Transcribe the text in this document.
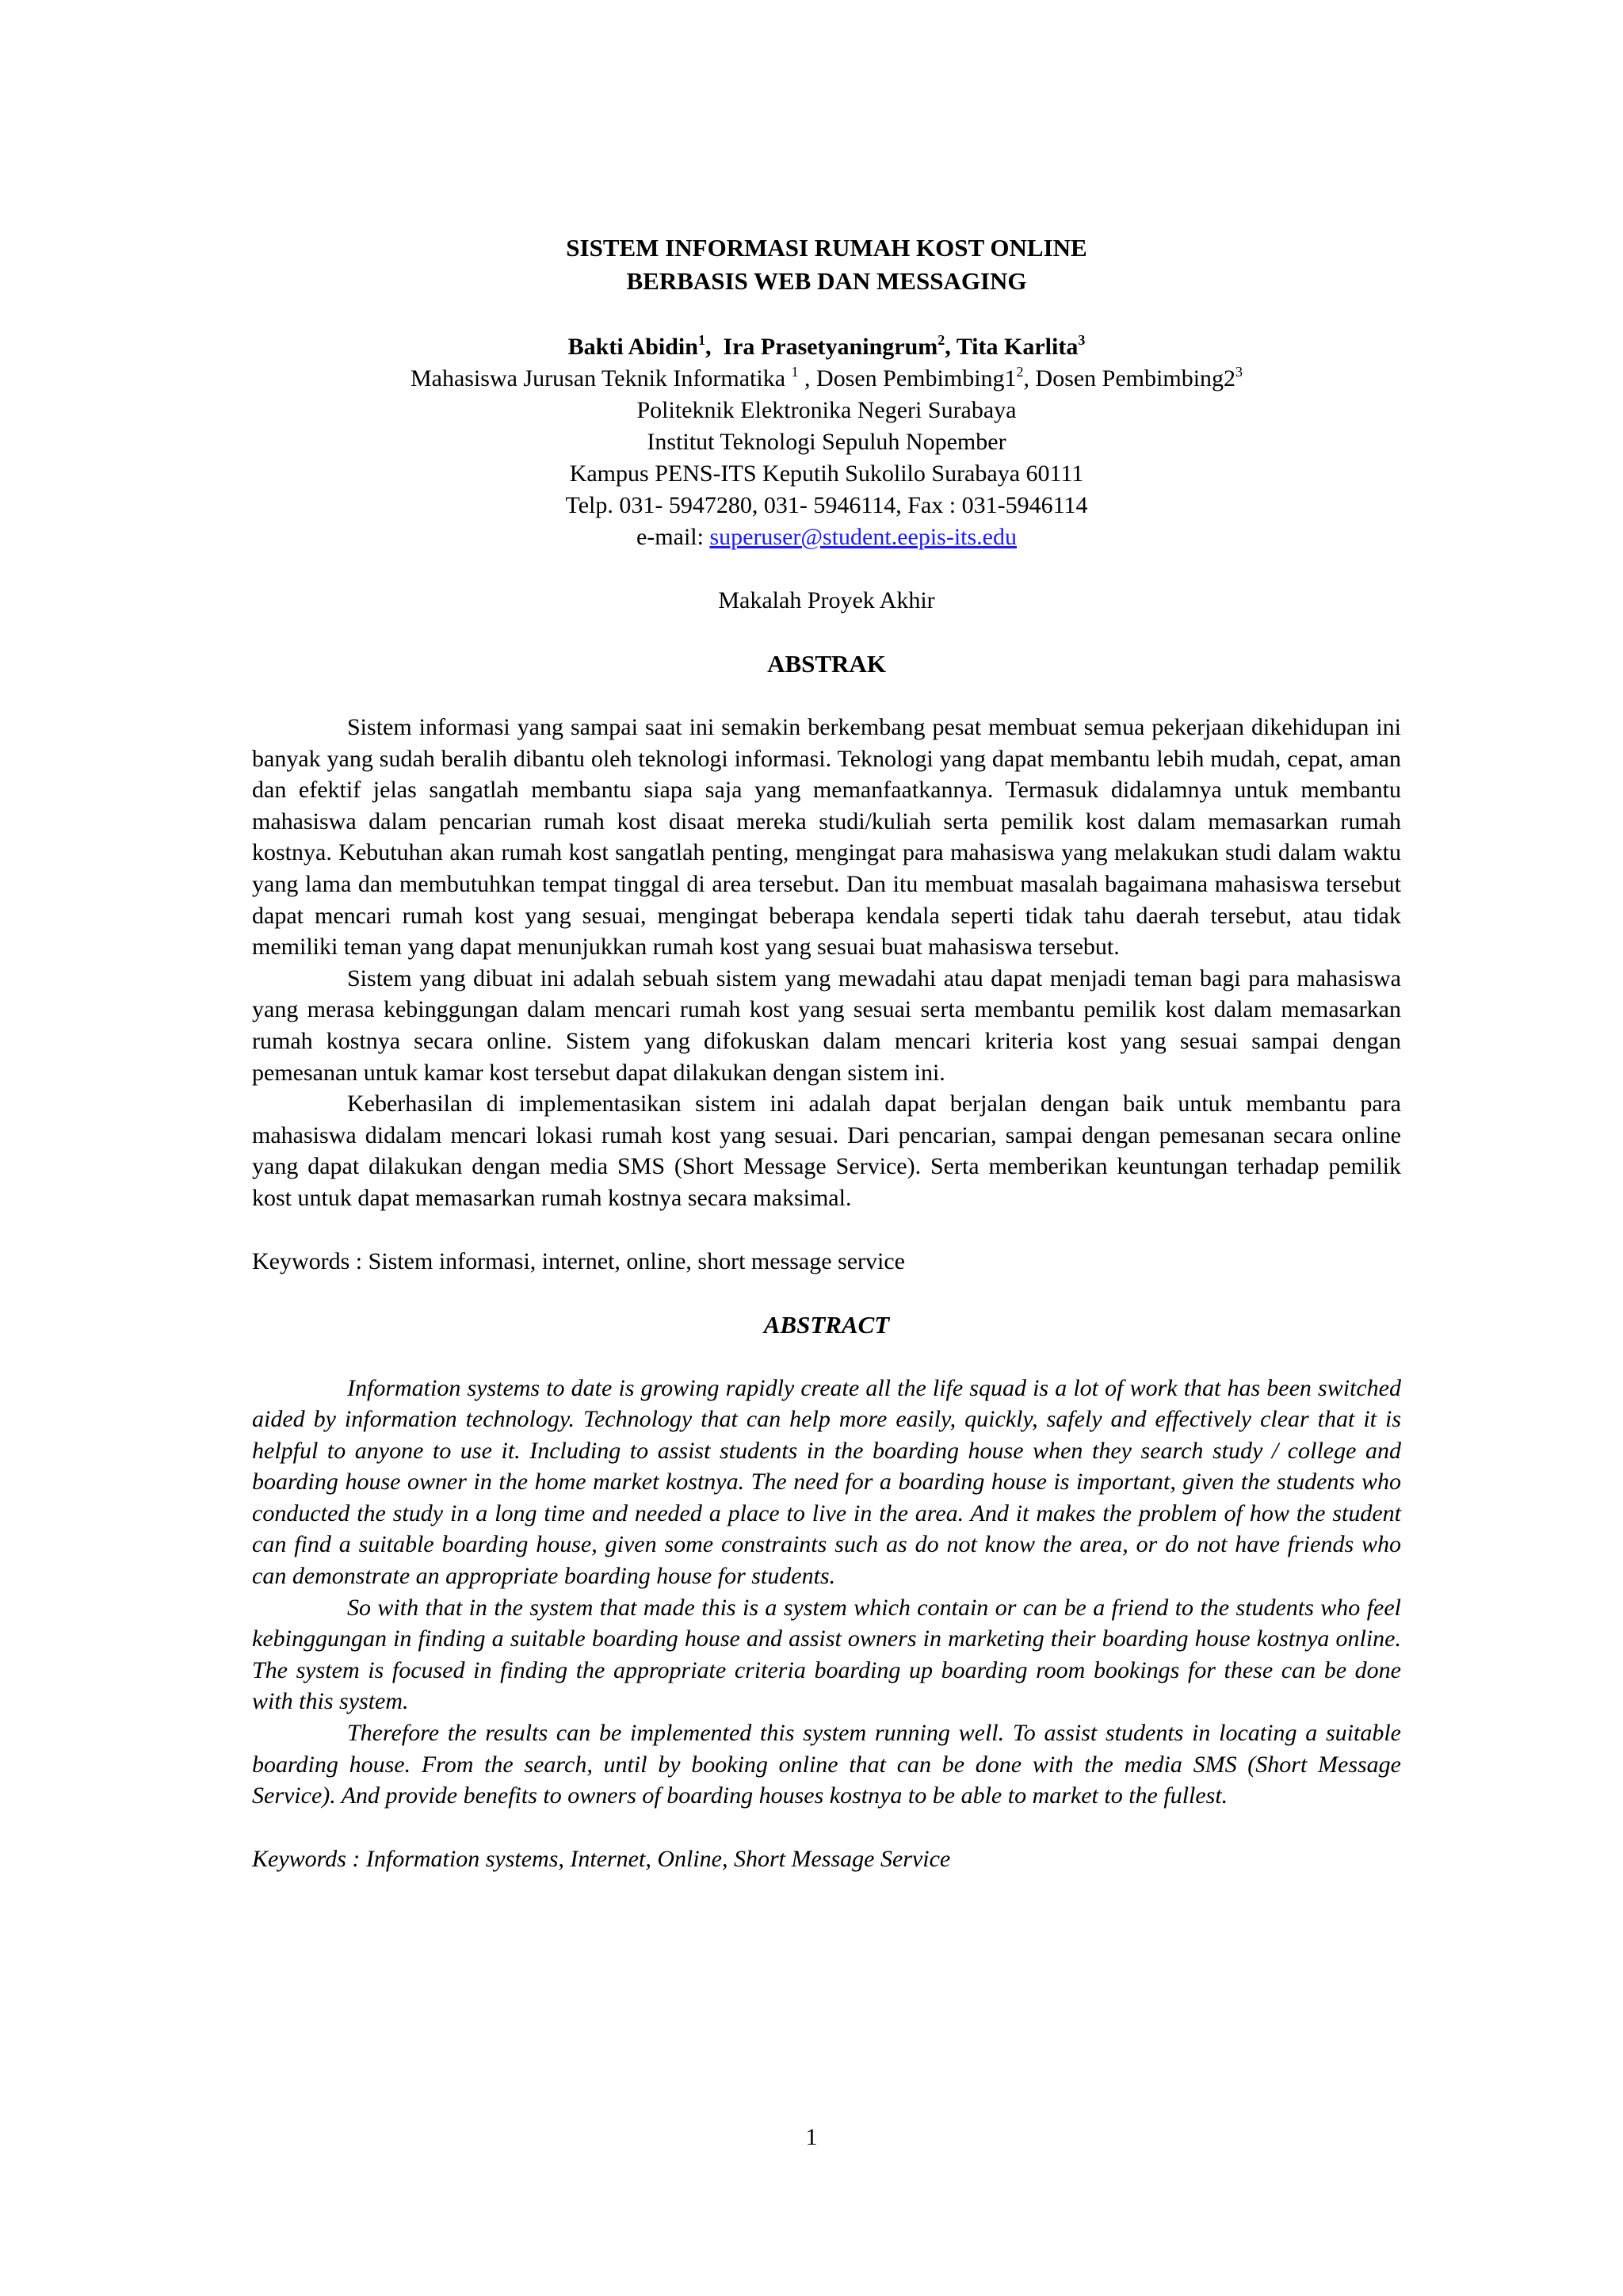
SISTEM INFORMASI RUMAH KOST ONLINE
BERBASIS WEB DAN MESSAGING
Bakti Abidin$^1$,  Ira Prasetyaningrum$^2$, Tita Karlita$^3$
Mahasiswa Jurusan Teknik Informatika $^1$ , Dosen $Pembimbing1^2$, Dosen $Pembimbing2^3$
Politeknik Elektronika Negeri Surabaya
Institut Teknologi Sepuluh Nopember
Kampus PENS-ITS Keputih Sukolilo Surabaya 60111
Telp. 031- 5947280, 031- 5946114, Fax : 031-5946114
e-mail: superuser@student.eepis-its.edu
Makalah Proyek Akhir
ABSTRAK

Sistem informasi yang sampai saat ini semakin berkembang pesat membuat semua pekerjaan dikehidupan ini banyak yang sudah beralih dibantu oleh teknologi informasi. Teknologi yang dapat membantu lebih mudah, cepat, aman dan efektif jelas sangatlah membantu siapa saja yang memanfaatkannya. Termasuk didalamnya untuk membantu mahasiswa dalam pencarian rumah kost disaat mereka studi/kuliah serta pemilik kost dalam memasarkan rumah kostnya. Kebutuhan akan rumah kost sangatlah penting, mengingat para mahasiswa yang melakukan studi dalam waktu yang lama dan membutuhkan tempat tinggal di area tersebut. Dan itu membuat masalah bagaimana mahasiswa tersebut dapat mencari rumah kost yang sesuai, mengingat beberapa kendala seperti tidak tahu daerah tersebut, atau tidak memiliki teman yang dapat menunjukkan rumah kost yang sesuai buat mahasiswa tersebut.

Sistem yang dibuat ini adalah sebuah sistem yang mewadahi atau dapat menjadi teman bagi para mahasiswa yang merasa kebinggungan dalam mencari rumah kost yang sesuai serta membantu pemilik kost dalam memasarkan rumah kostnya secara online. Sistem yang difokuskan dalam mencari kriteria kost yang sesuai sampai dengan pemesanan untuk kamar kost tersebut dapat dilakukan dengan sistem ini.

Keberhasilan di implementasikan sistem ini adalah dapat berjalan dengan baik untuk membantu para mahasiswa didalam mencari lokasi rumah kost yang sesuai. Dari pencarian, sampai dengan pemesanan secara online yang dapat dilakukan dengan media SMS (Short Message Service). Serta memberikan keuntungan terhadap pemilik kost untuk dapat memasarkan rumah kostnya secara maksimal.

Keywords : Sistem informasi, internet, online, short message service
ABSTRACT

Information systems to date is growing rapidly create all the life squad is a lot of work that has been switched aided by information technology. Technology that can help more easily, quickly, safely and effectively clear that it is helpful to anyone to use it. Including to assist students in the boarding house when they search study / college and boarding house owner in the home market kostnya. The need for a boarding house is important, given the students who conducted the study in a long time and needed a place to live in the area. And it makes the problem of how the student can find a suitable boarding house, given some constraints such as do not know the area, or do not have friends who can demonstrate an appropriate boarding house for students.

So with that in the system that made this is a system which contain or can be a friend to the students who feel kebinggungan in finding a suitable boarding house and assist owners in marketing their boarding house kostnya online. The system is focused in finding the appropriate criteria boarding up boarding room bookings for these can be done with this system.

Therefore the results can be implemented this system running well. To assist students in locating a suitable boarding house. From the search, until by booking online that can be done with the media SMS (Short Message Service). And provide benefits to owners of boarding houses kostnya to be able to market to the fullest.

Keywords : Information systems, Internet, Online, Short Message Service
1
